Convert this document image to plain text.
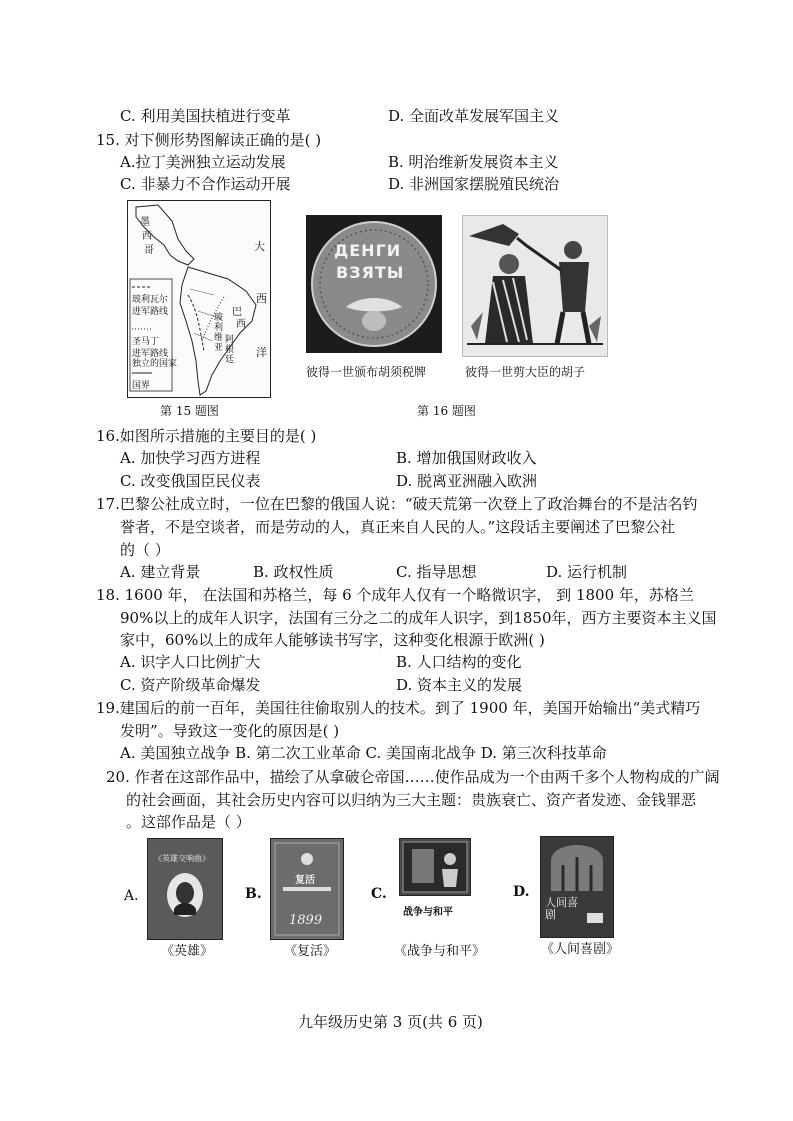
C. 利用美国扶植进行变革	D. 全面改革发展军国主义
15. 对下侧形势图解读正确的是( )
A.拉丁美洲独立运动发展	B. 明治维新发展资本主义
C. 非暴力不合作运动开展	D. 非洲国家摆脱殖民统治
墨
西
哥	大
西
洋
玻利瓦尔
进军路线
圣马丁
进军路线
独立的国家
国界
巴
西
玻
利
维
亚
阿
根
廷
第 15 题图
ДЕНГИ
ВЗЯТЫ
彼得一世颁布胡须税牌	彼得一世剪大臣的胡子
第 16 题图
16.如图所示措施的主要目的是( )
A. 加快学习西方进程	B. 增加俄国财政收入
C. 改变俄国臣民仪表	D. 脱离亚洲融入欧洲
17.巴黎公社成立时，一位在巴黎的俄国人说：“破天荒第一次登上了政治舞台的不是沽名钓
誉者，不是空谈者，而是劳动的人，真正来自人民的人。”这段话主要阐述了巴黎公社
的（ ）
A. 建立背景	B. 政权性质	C. 指导思想	D. 运行机制
18. 1600 年， 在法国和苏格兰，每 6 个成年人仅有一个略微识字， 到 1800 年，苏格兰
90%以上的成年人识字，法国有三分之二的成年人识字，到1850年，西方主要资本主义国
家中，60%以上的成年人能够读书写字，这种变化根源于欧洲( )
A. 识字人口比例扩大	B. 人口结构的变化
C. 资产阶级革命爆发	D. 资本主义的发展
19.建国后的前一百年，美国往往偷取别人的技术。到了 1900 年，美国开始输出“美式精巧
发明”。导致这一变化的原因是( )
A. 美国独立战争 B. 第二次工业革命 C. 美国南北战争 D. 第三次科技革命
20. 作者在这部作品中，描绘了从拿破仑帝国……使作品成为一个由两千多个人物构成的广阔
的社会画面，其社会历史内容可以归纳为三大主题：贵族衰亡、资产者发迹、金钱罪恶
。这部作品是（ ）
A.
《英雄交响曲》
《英雄》
B.
复活
1899
《复活》
C.
战争与和平
《战争与和平》
D.
人间喜剧
《人间喜剧》
九年级历史第 3 页(共 6 页)
